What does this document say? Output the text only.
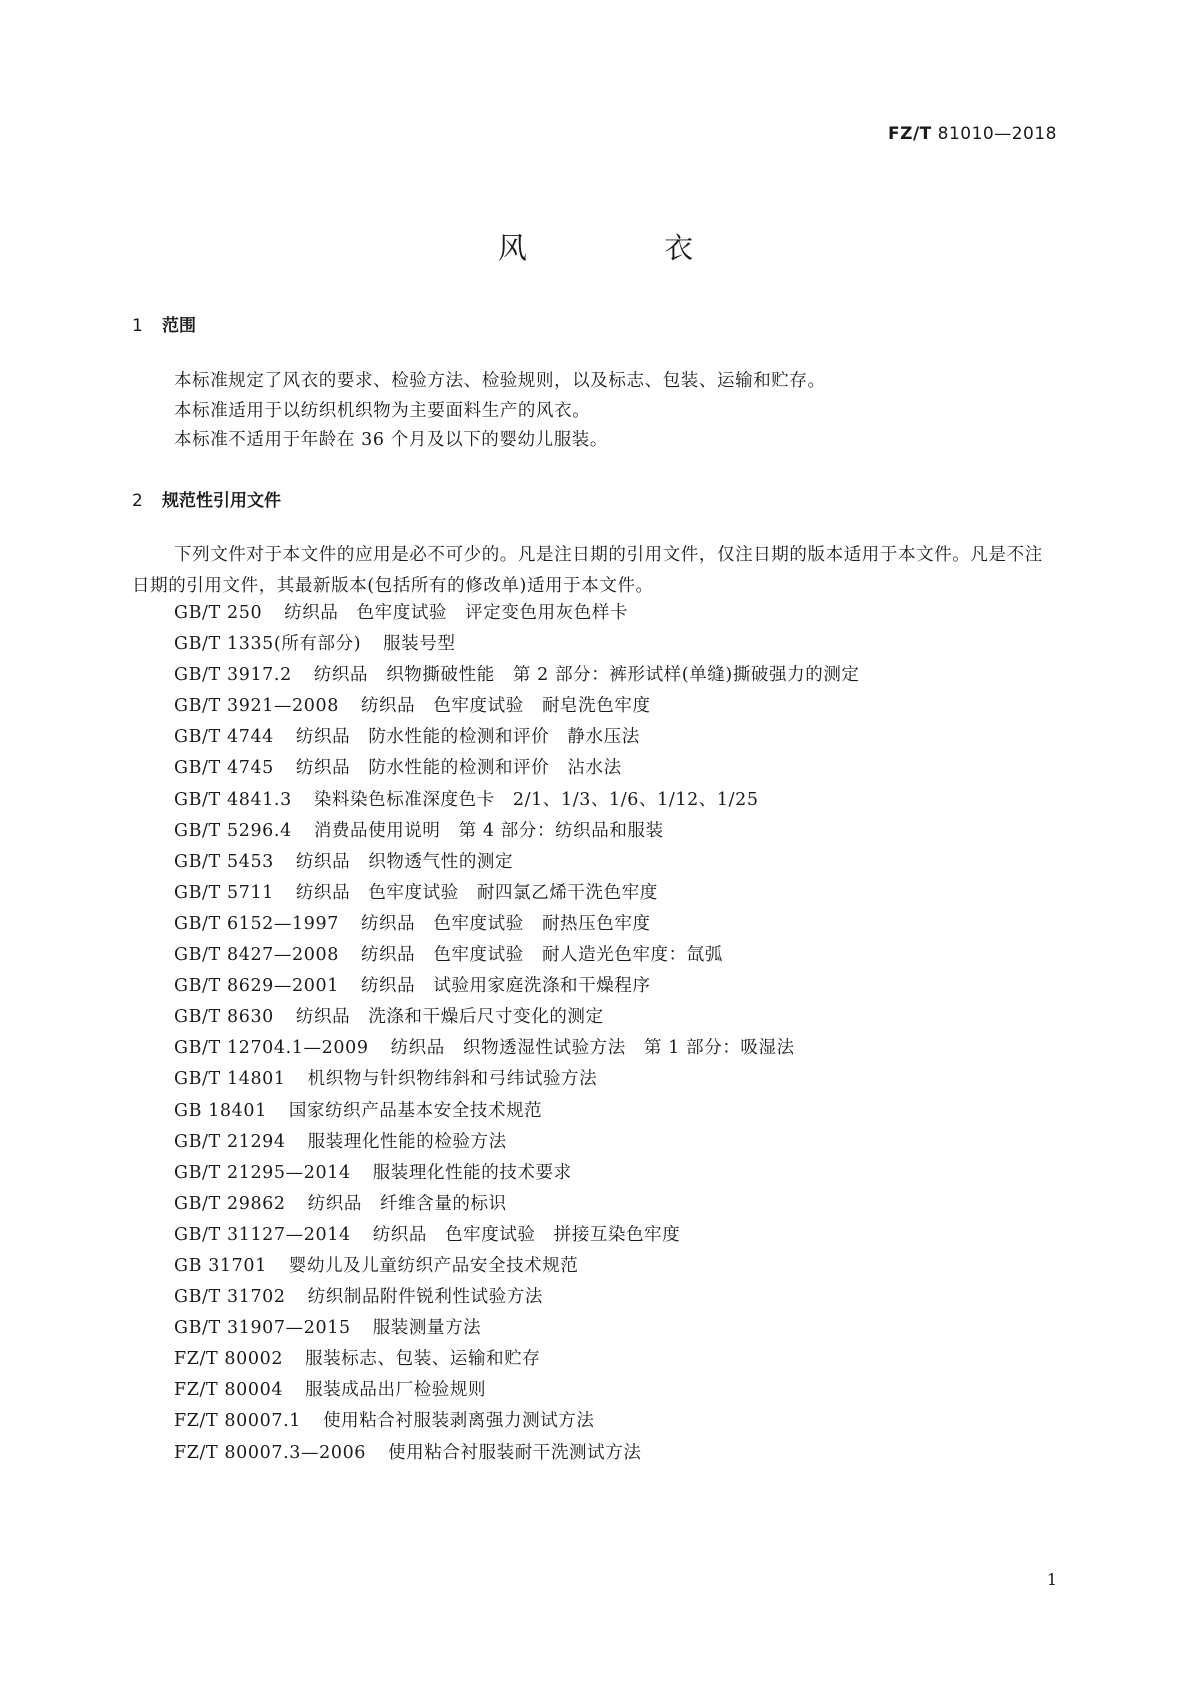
FZ/T 81010—2018
风 衣
1 范围
本标准规定了风衣的要求、检验方法、检验规则，以及标志、包装、运输和贮存。
本标准适用于以纺织机织物为主要面料生产的风衣。
本标准不适用于年龄在 36 个月及以下的婴幼儿服装。
2 规范性引用文件
下列文件对于本文件的应用是必不可少的。凡是注日期的引用文件，仅注日期的版本适用于本文件。凡是不注日期的引用文件，其最新版本(包括所有的修改单)适用于本文件。
GB/T 250 纺织品　色牢度试验　评定变色用灰色样卡
GB/T 1335(所有部分) 服装号型
GB/T 3917.2 纺织品　织物撕破性能　第 2 部分：裤形试样(单缝)撕破强力的测定
GB/T 3921—2008 纺织品　色牢度试验　耐皂洗色牢度
GB/T 4744 纺织品　防水性能的检测和评价　静水压法
GB/T 4745 纺织品　防水性能的检测和评价　沾水法
GB/T 4841.3 染料染色标准深度色卡　2/1、1/3、1/6、1/12、1/25
GB/T 5296.4 消费品使用说明　第 4 部分：纺织品和服装
GB/T 5453 纺织品　织物透气性的测定
GB/T 5711 纺织品　色牢度试验　耐四氯乙烯干洗色牢度
GB/T 6152—1997 纺织品　色牢度试验　耐热压色牢度
GB/T 8427—2008 纺织品　色牢度试验　耐人造光色牢度：氙弧
GB/T 8629—2001 纺织品　试验用家庭洗涤和干燥程序
GB/T 8630 纺织品　洗涤和干燥后尺寸变化的测定
GB/T 12704.1—2009 纺织品　织物透湿性试验方法　第 1 部分：吸湿法
GB/T 14801 机织物与针织物纬斜和弓纬试验方法
GB 18401 国家纺织产品基本安全技术规范
GB/T 21294 服装理化性能的检验方法
GB/T 21295—2014 服装理化性能的技术要求
GB/T 29862 纺织品　纤维含量的标识
GB/T 31127—2014 纺织品　色牢度试验　拼接互染色牢度
GB 31701 婴幼儿及儿童纺织产品安全技术规范
GB/T 31702 纺织制品附件锐利性试验方法
GB/T 31907—2015 服装测量方法
FZ/T 80002 服装标志、包装、运输和贮存
FZ/T 80004 服装成品出厂检验规则
FZ/T 80007.1 使用粘合衬服装剥离强力测试方法
FZ/T 80007.3—2006 使用粘合衬服装耐干洗测试方法
1
